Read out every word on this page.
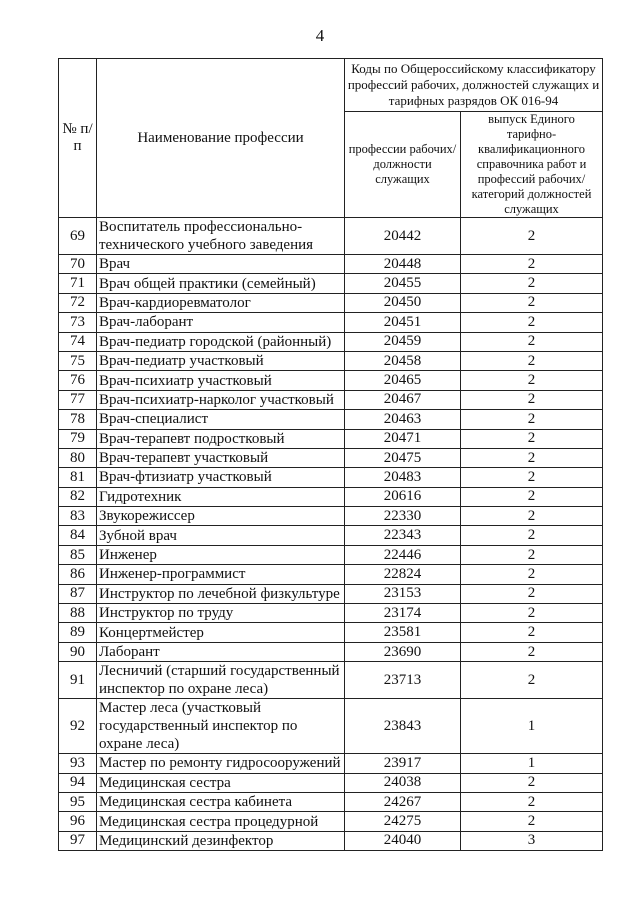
4
№ п/п	Наименование профессии	Коды по Общероссийскому классификатору профессий рабочих, должностей служащих и тарифных разрядов ОК 016-94	
		профессии рабочих/ должности служащих	выпуск Единого тарифно-квалификационного справочника работ и профессий рабочих/категорий должностей служащих
69	Воспитатель профессионально-технического учебного заведения	20442	2
70	Врач	20448	2
71	Врач общей практики (семейный)	20455	2
72	Врач-кардиоревматолог	20450	2
73	Врач-лаборант	20451	2
74	Врач-педиатр городской (районный)	20459	2
75	Врач-педиатр участковый	20458	2
76	Врач-психиатр участковый	20465	2
77	Врач-психиатр-нарколог участковый	20467	2
78	Врач-специалист	20463	2
79	Врач-терапевт подростковый	20471	2
80	Врач-терапевт участковый	20475	2
81	Врач-фтизиатр участковый	20483	2
82	Гидротехник	20616	2
83	Звукорежиссер	22330	2
84	Зубной врач	22343	2
85	Инженер	22446	2
86	Инженер-программист	22824	2
87	Инструктор по лечебной физкультуре	23153	2
88	Инструктор по труду	23174	2
89	Концертмейстер	23581	2
90	Лаборант	23690	2
91	Лесничий (старший государственный инспектор по охране леса)	23713	2
92	Мастер леса (участковый государственный инспектор по охране леса)	23843	1
93	Мастер по ремонту гидросооружений	23917	1
94	Медицинская сестра	24038	2
95	Медицинская сестра кабинета	24267	2
96	Медицинская сестра процедурной	24275	2
97	Медицинский дезинфектор	24040	3
